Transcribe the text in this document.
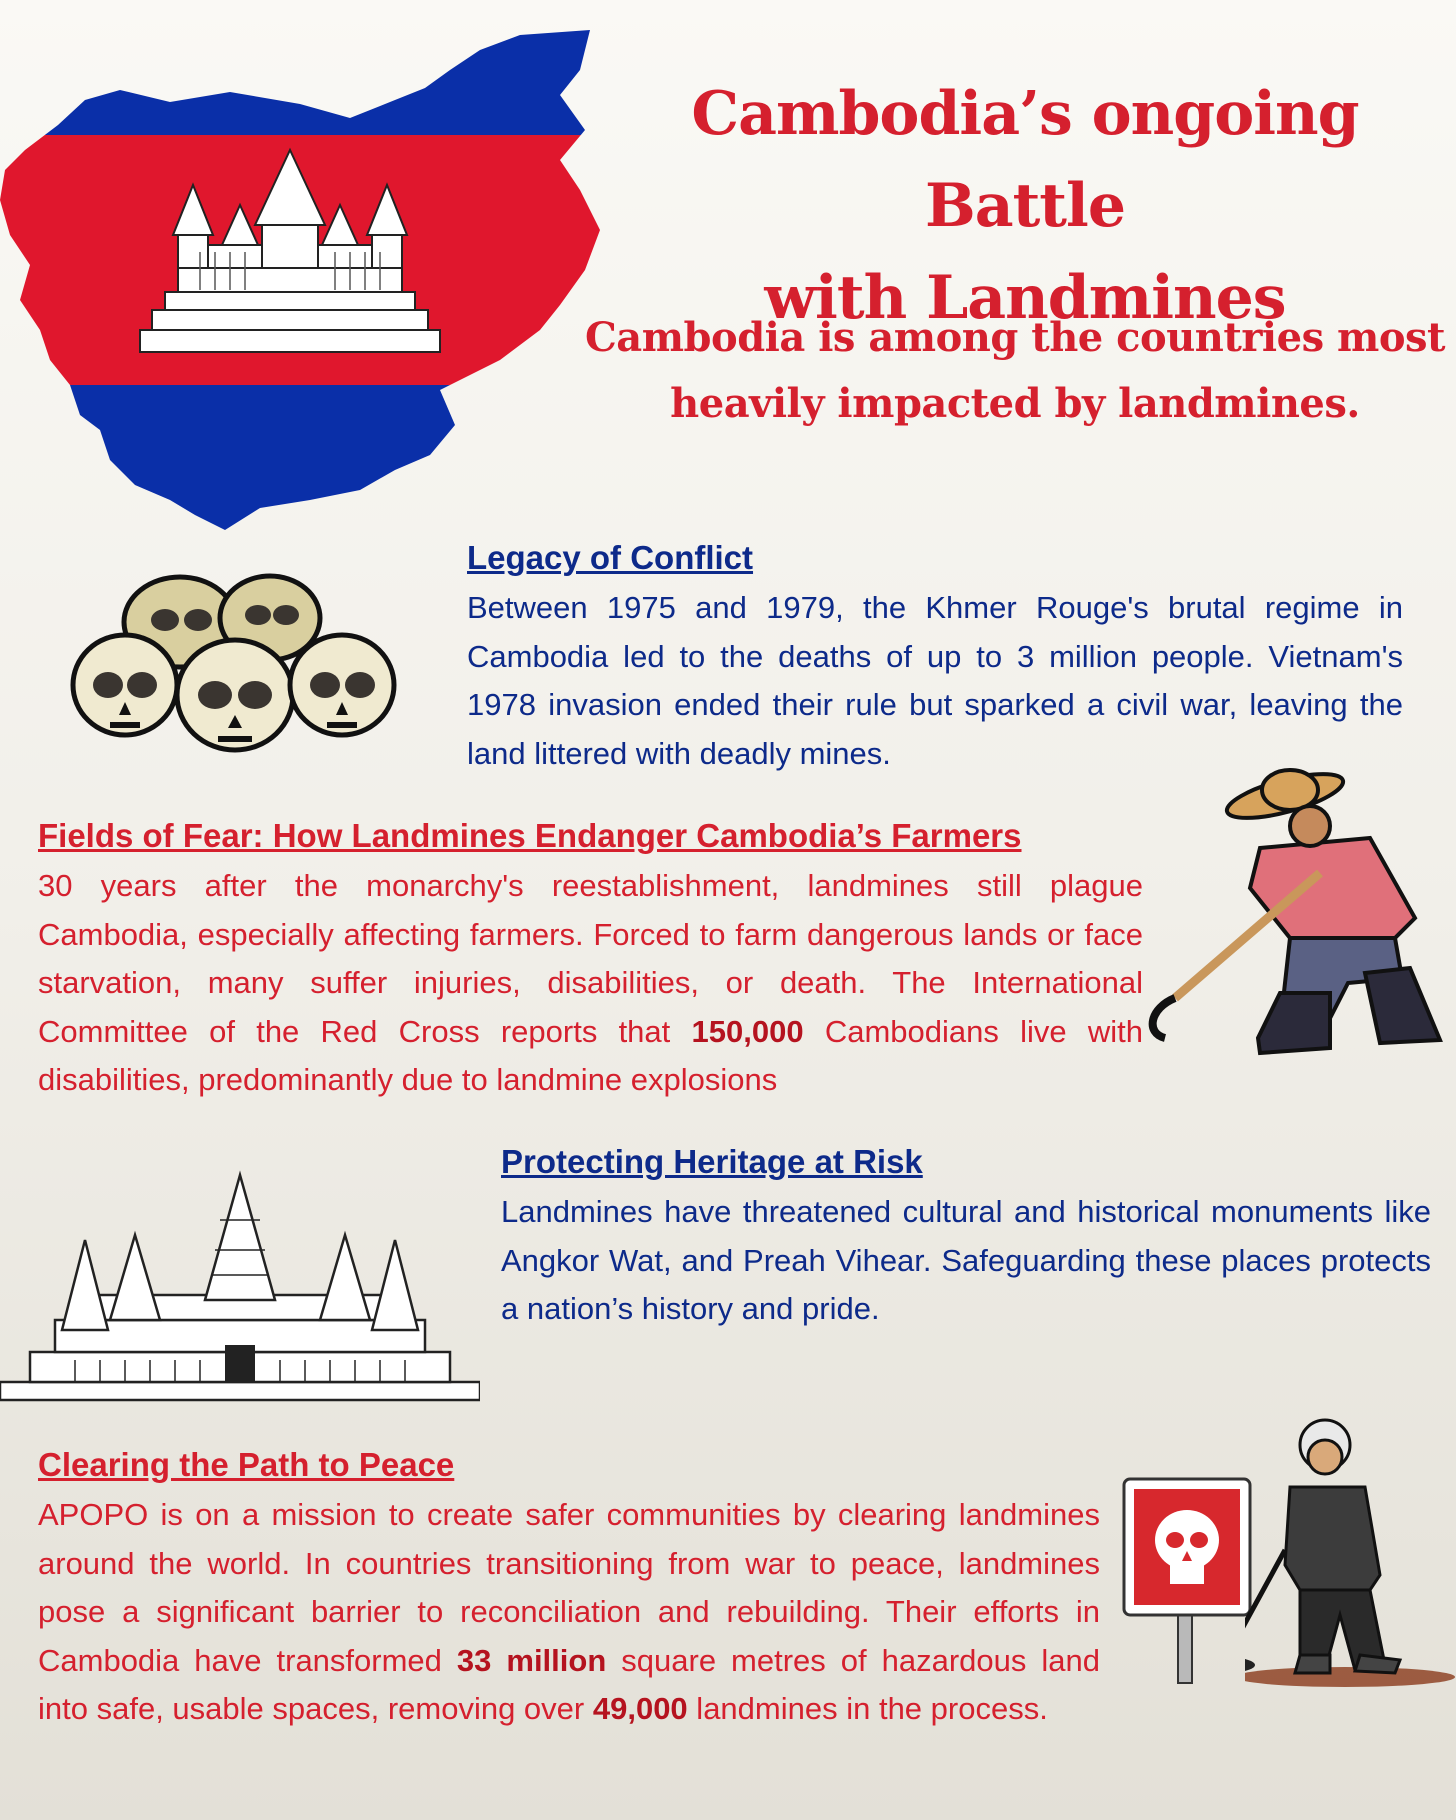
Cambodia’s ongoing Battle
with Landmines
Cambodia is among the countries most
heavily impacted by landmines.
Legacy of Conflict

Between 1975 and 1979, the Khmer Rouge's brutal regime in Cambodia led to the deaths of up to 3 million people. Vietnam's 1978 invasion ended their rule but sparked a civil war, leaving the land littered with deadly mines.

Fields of Fear: How Landmines Endanger Cambodia’s Farmers

30 years after the monarchy's reestablishment, landmines still plague Cambodia, especially affecting farmers. Forced to farm dangerous lands or face starvation, many suffer injuries, disabilities, or death. The International Committee of the Red Cross reports that 150,000 Cambodians live with disabilities, predominantly due to landmine explosions

Protecting Heritage at Risk

Landmines have threatened cultural and historical monuments like Angkor Wat, and Preah Vihear. Safeguarding these places protects a nation’s history and pride.

Clearing the Path to Peace

APOPO is on a mission to create safer communities by clearing landmines around the world. In countries transitioning from war to peace, landmines pose a significant barrier to reconciliation and rebuilding. Their efforts in Cambodia have transformed 33 million square metres of hazardous land into safe, usable spaces, removing over 49,000 landmines in the process.
